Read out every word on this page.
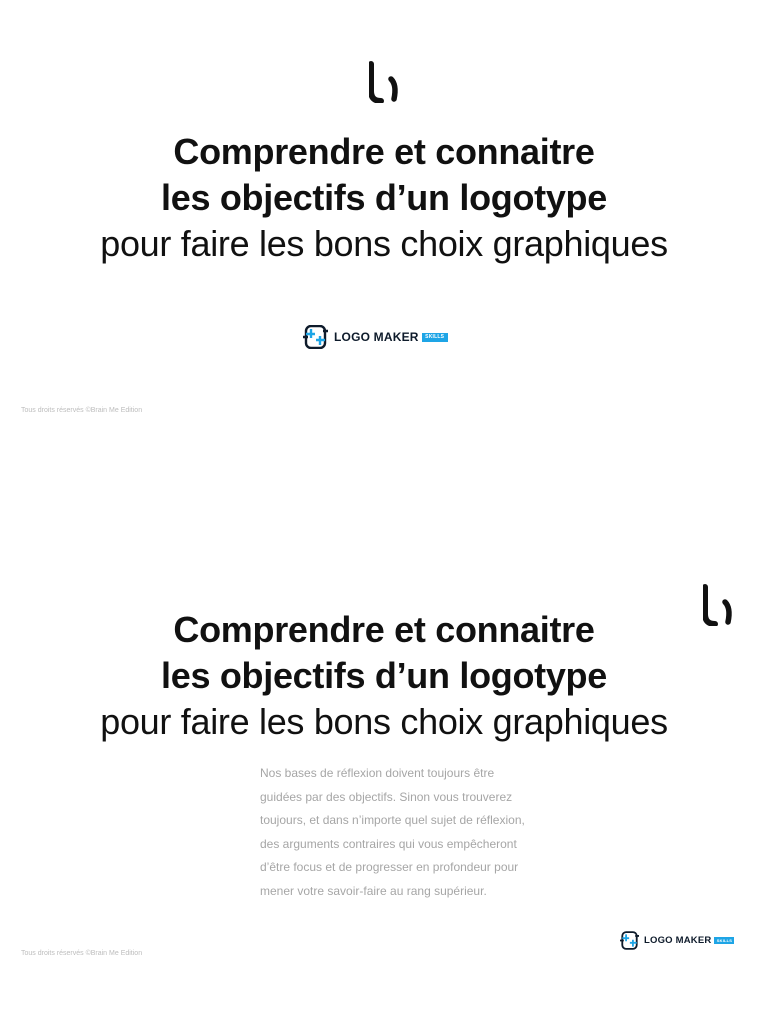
Comprendre et connaitre
les objectifs d’un logotype
pour faire les bons choix graphiques
LOGO MAKER	SKILLS
Tous droits réservés ©Brain Me Edition
Comprendre et connaitre
les objectifs d’un logotype
pour faire les bons choix graphiques

Nos bases de réflexion doivent toujours être
guidées par des objectifs. Sinon vous trouverez
toujours, et dans n’importe quel sujet de réflexion,
des arguments contraires qui vous empêcheront
d’être focus et de progresser en profondeur pour
mener votre savoir-faire au rang supérieur.

LOGO MAKER	SKILLS
Tous droits réservés ©Brain Me Edition
